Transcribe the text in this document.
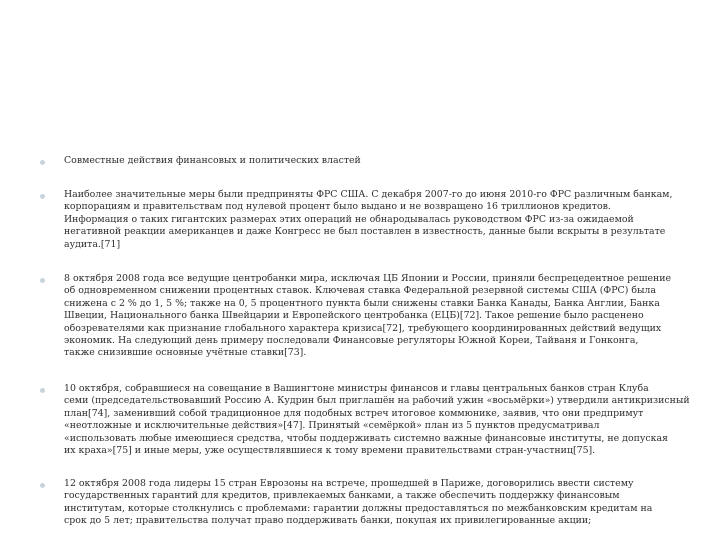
Совместные действия финансовых и политических властей
Наиболее значительные меры были предприняты ФРС США. С декабря 2007-го до июня 2010-го ФРС различным банкам,
корпорациям и правительствам под нулевой процент было выдано и не возвращено 16 триллионов кредитов.
Информация о таких гигантских размерах этих операций не обнародывалась руководством ФРС из-за ожидаемой
негативной реакции американцев и даже Конгресс не был поставлен в известность, данные были вскрыты в результате
аудита.[71]
8 октября 2008 года все ведущие центробанки мира, исключая ЦБ Японии и России, приняли беспрецедентное решение
об одновременном снижении процентных ставок. Ключевая ставка Федеральной резервной системы США (ФРС) была
снижена с 2 % до 1, 5 %; также на 0, 5 процентного пункта были снижены ставки Банка Канады, Банка Англии, Банка
Швеции, Национального банка Швейцарии и Европейского центробанка (ЕЦБ)[72]. Такое решение было расценено
обозревателями как признание глобального характера кризиса[72], требующего координированных действий ведущих
экономик. На следующий день примеру последовали Финансовые регуляторы Южной Кореи, Тайваня и Гонконга,
также снизившие основные учётные ставки[73].
10 октября, собравшиеся на совещание в Вашингтоне министры финансов и главы центральных банков стран Клуба
семи (председательствовавший Россию А. Кудрин был приглашён на рабочий ужин «восьмёрки») утвердили антикризисный
план[74], заменивший собой традиционное для подобных встреч итоговое коммюнике, заявив, что они предпримут
«неотложные и исключительные действия»[47]. Принятый «семёркой» план из 5 пунктов предусматривал
«использовать любые имеющиеся средства, чтобы поддерживать системно важные финансовые институты, не допуская
их краха»[75] и иные меры, уже осуществлявшиеся к тому времени правительствами стран-участниц[75].
12 октября 2008 года лидеры 15 стран Еврозоны на встрече, прошедшей в Париже, договорились ввести систему
государственных гарантий для кредитов, привлекаемых банками, а также обеспечить поддержку финансовым
институтам, которые столкнулись с проблемами: гарантии должны предоставляться по межбанковским кредитам на
срок до 5 лет; правительства получат право поддерживать банки, покупая их привилегированные акции;
